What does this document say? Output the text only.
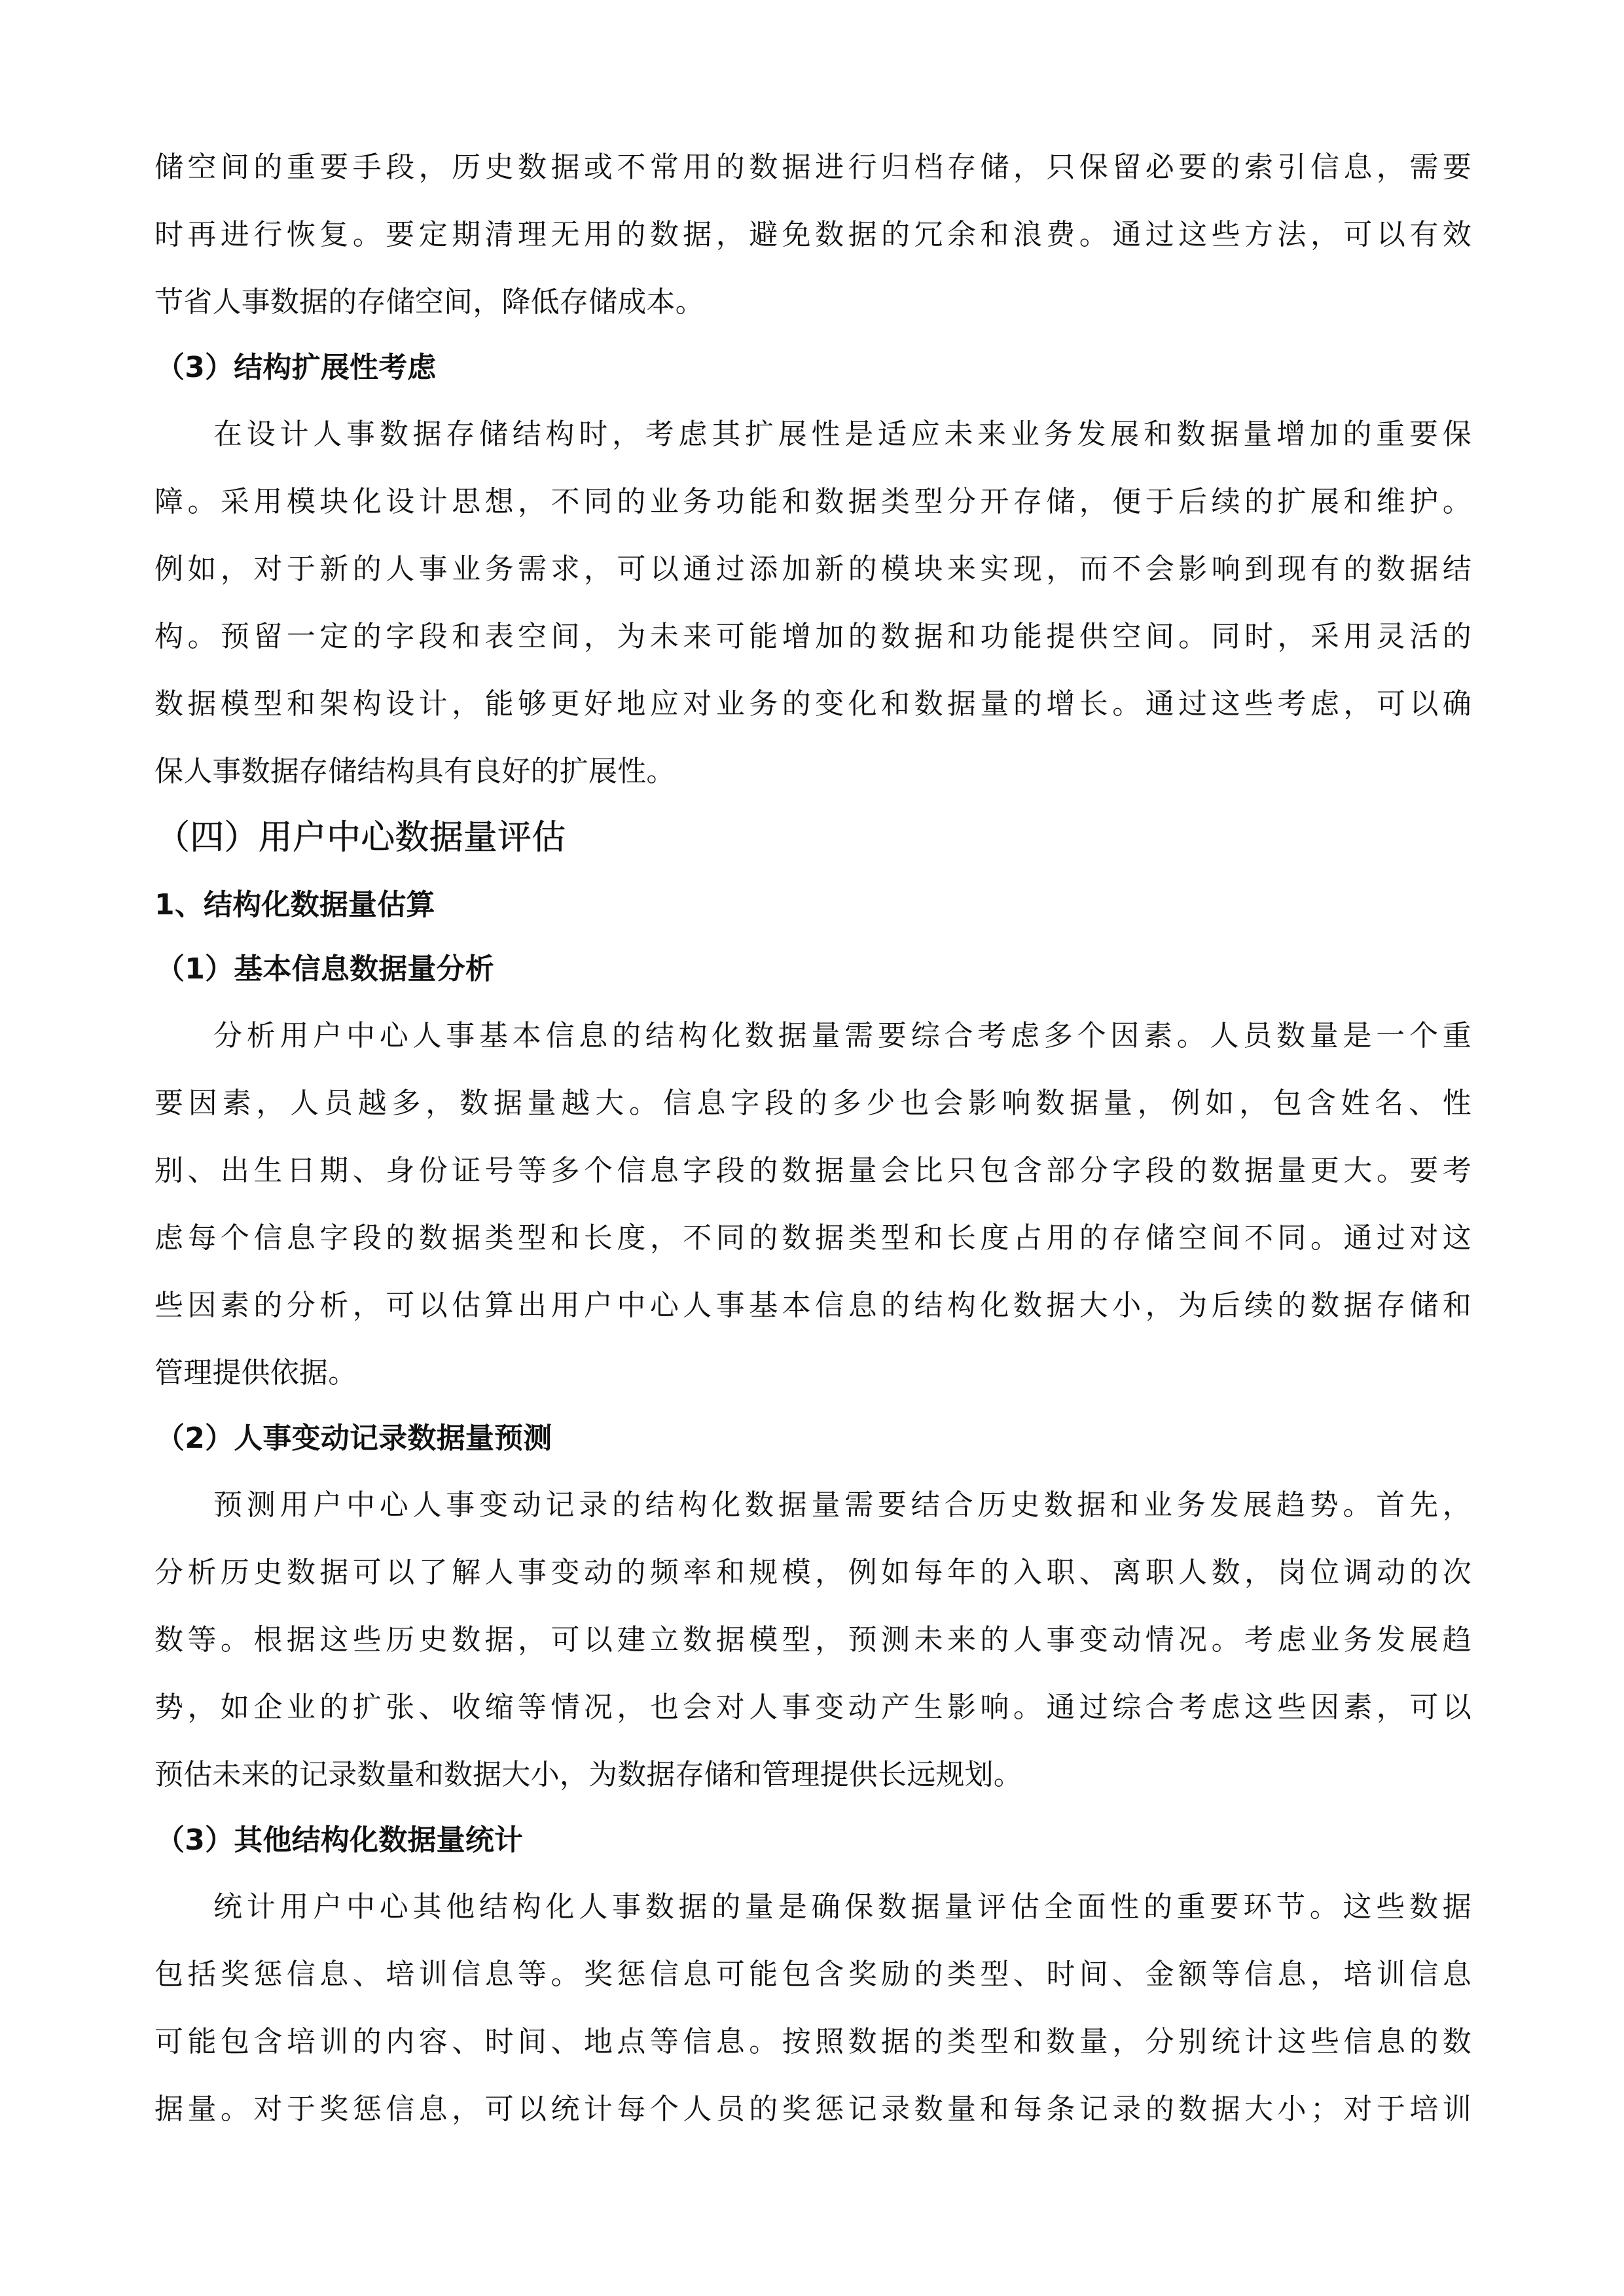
储空间的重要手段，历史数据或不常用的数据进行归档存储，只保留必要的索引信息，需要
时再进行恢复。要定期清理无用的数据，避免数据的冗余和浪费。通过这些方法，可以有效
节省人事数据的存储空间，降低存储成本。
（3）结构扩展性考虑
在设计人事数据存储结构时，考虑其扩展性是适应未来业务发展和数据量增加的重要保
障。采用模块化设计思想，不同的业务功能和数据类型分开存储，便于后续的扩展和维护。
例如，对于新的人事业务需求，可以通过添加新的模块来实现，而不会影响到现有的数据结
构。预留一定的字段和表空间，为未来可能增加的数据和功能提供空间。同时，采用灵活的
数据模型和架构设计，能够更好地应对业务的变化和数据量的增长。通过这些考虑，可以确
保人事数据存储结构具有良好的扩展性。
（四）用户中心数据量评估
1、结构化数据量估算
（1）基本信息数据量分析
分析用户中心人事基本信息的结构化数据量需要综合考虑多个因素。人员数量是一个重
要因素，人员越多，数据量越大。信息字段的多少也会影响数据量，例如，包含姓名、性
别、出生日期、身份证号等多个信息字段的数据量会比只包含部分字段的数据量更大。要考
虑每个信息字段的数据类型和长度，不同的数据类型和长度占用的存储空间不同。通过对这
些因素的分析，可以估算出用户中心人事基本信息的结构化数据大小，为后续的数据存储和
管理提供依据。
（2）人事变动记录数据量预测
预测用户中心人事变动记录的结构化数据量需要结合历史数据和业务发展趋势。首先，
分析历史数据可以了解人事变动的频率和规模，例如每年的入职、离职人数，岗位调动的次
数等。根据这些历史数据，可以建立数据模型，预测未来的人事变动情况。考虑业务发展趋
势，如企业的扩张、收缩等情况，也会对人事变动产生影响。通过综合考虑这些因素，可以
预估未来的记录数量和数据大小，为数据存储和管理提供长远规划。
（3）其他结构化数据量统计
统计用户中心其他结构化人事数据的量是确保数据量评估全面性的重要环节。这些数据
包括奖惩信息、培训信息等。奖惩信息可能包含奖励的类型、时间、金额等信息，培训信息
可能包含培训的内容、时间、地点等信息。按照数据的类型和数量，分别统计这些信息的数
据量。对于奖惩信息，可以统计每个人员的奖惩记录数量和每条记录的数据大小；对于培训
